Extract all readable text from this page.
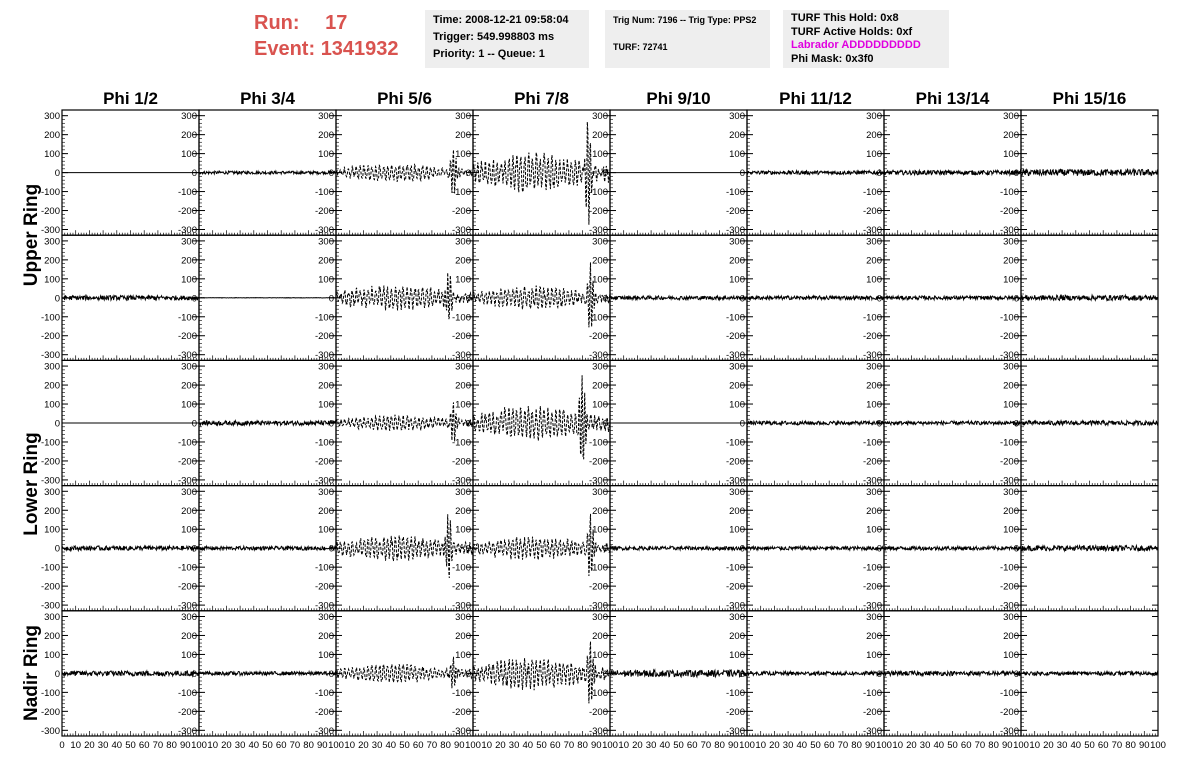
Run: 17
Event: 1341932
Time: 2008-12-21 09:58:04
Trigger: 549.998803 ms
Priority: 1 -- Queue: 1
Trig Num: 7196 -- Trig Type: PPS2
TURF: 72741
TURF This Hold: 0x8
TURF Active Holds: 0xf
Labrador ADDDDDDDDD
Phi Mask: 0x3f0
Upper Ring
Lower Ring
Nadir Ring
Phi 1/2	Phi 3/4	Phi 5/6	Phi 7/8	Phi 9/10	Phi 11/12	Phi 13/14	Phi 15/16
-300
-200
-100
0
100
200
300
-300
-200
-100
0
100
200
300
-300
-200
-100
0
100
200
300
-300
-200
-100
0
100
200
300
-300
-200
-100
0
100
200
300
-300
-200
-100
0
100
200
300
-300
-200
-100
0
100
200
300
-300
-200
-100
0
100
200
300
-300
-200
-100
0
100
200
300
-300
-200
-100
0
100
200
300
-300
-200
-100
0
100
200
300
-300
-200
-100
0
100
200
300
-300
-200
-100
0
100
200
300
-300
-200
-100
0
100
200
300
-300
-200
-100
0
100
200
300
-300
-200
-100
0
100
200
300
-300
-200
-100
0
100
200
300
-300
-200
-100
0
100
200
300
-300
-200
-100
0
100
200
300
-300
-200
-100
0
100
200
300
-300
-200
-100
0
100
200
300
-300
-200
-100
0
100
200
300
-300
-200
-100
0
100
200
300
-300
-200
-100
0
100
200
300
-300
-200
-100
0
100
200
300
-300
-200
-100
0
100
200
300
-300
-200
-100
0
100
200
300
-300
-200
-100
0
100
200
300
-300
-200
-100
0
100
200
300
-300
-200
-100
0
100
200
300
-300
-200
-100
0
100
200
300
-300
-200
-100
0
100
200
300
-300
-200
-100
0
100
200
300
-300
-200
-100
0
100
200
300
-300
-200
-100
0
100
200
300
-300
-200
-100
0
100
200
300
-300
-200
-100
0
100
200
300
-300
-200
-100
0
100
200
300
-300
-200
-100
0
100
200
300
-300
-200
-100
0
100
200
300
0 10 20 30 40 50 60 70 80 90 100 10 20 30 40 50 60 70 80 90 100 10 20 30 40 50 60 70 80 90 100 10 20 30 40 50 60 70 80 90 100 10 20 30 40 50 60 70 80 90 100 10 20 30 40 50 60 70 80 90 100 10 20 30 40 50 60 70 80 90 100 10 20 30 40 50 60 70 80 90 100
